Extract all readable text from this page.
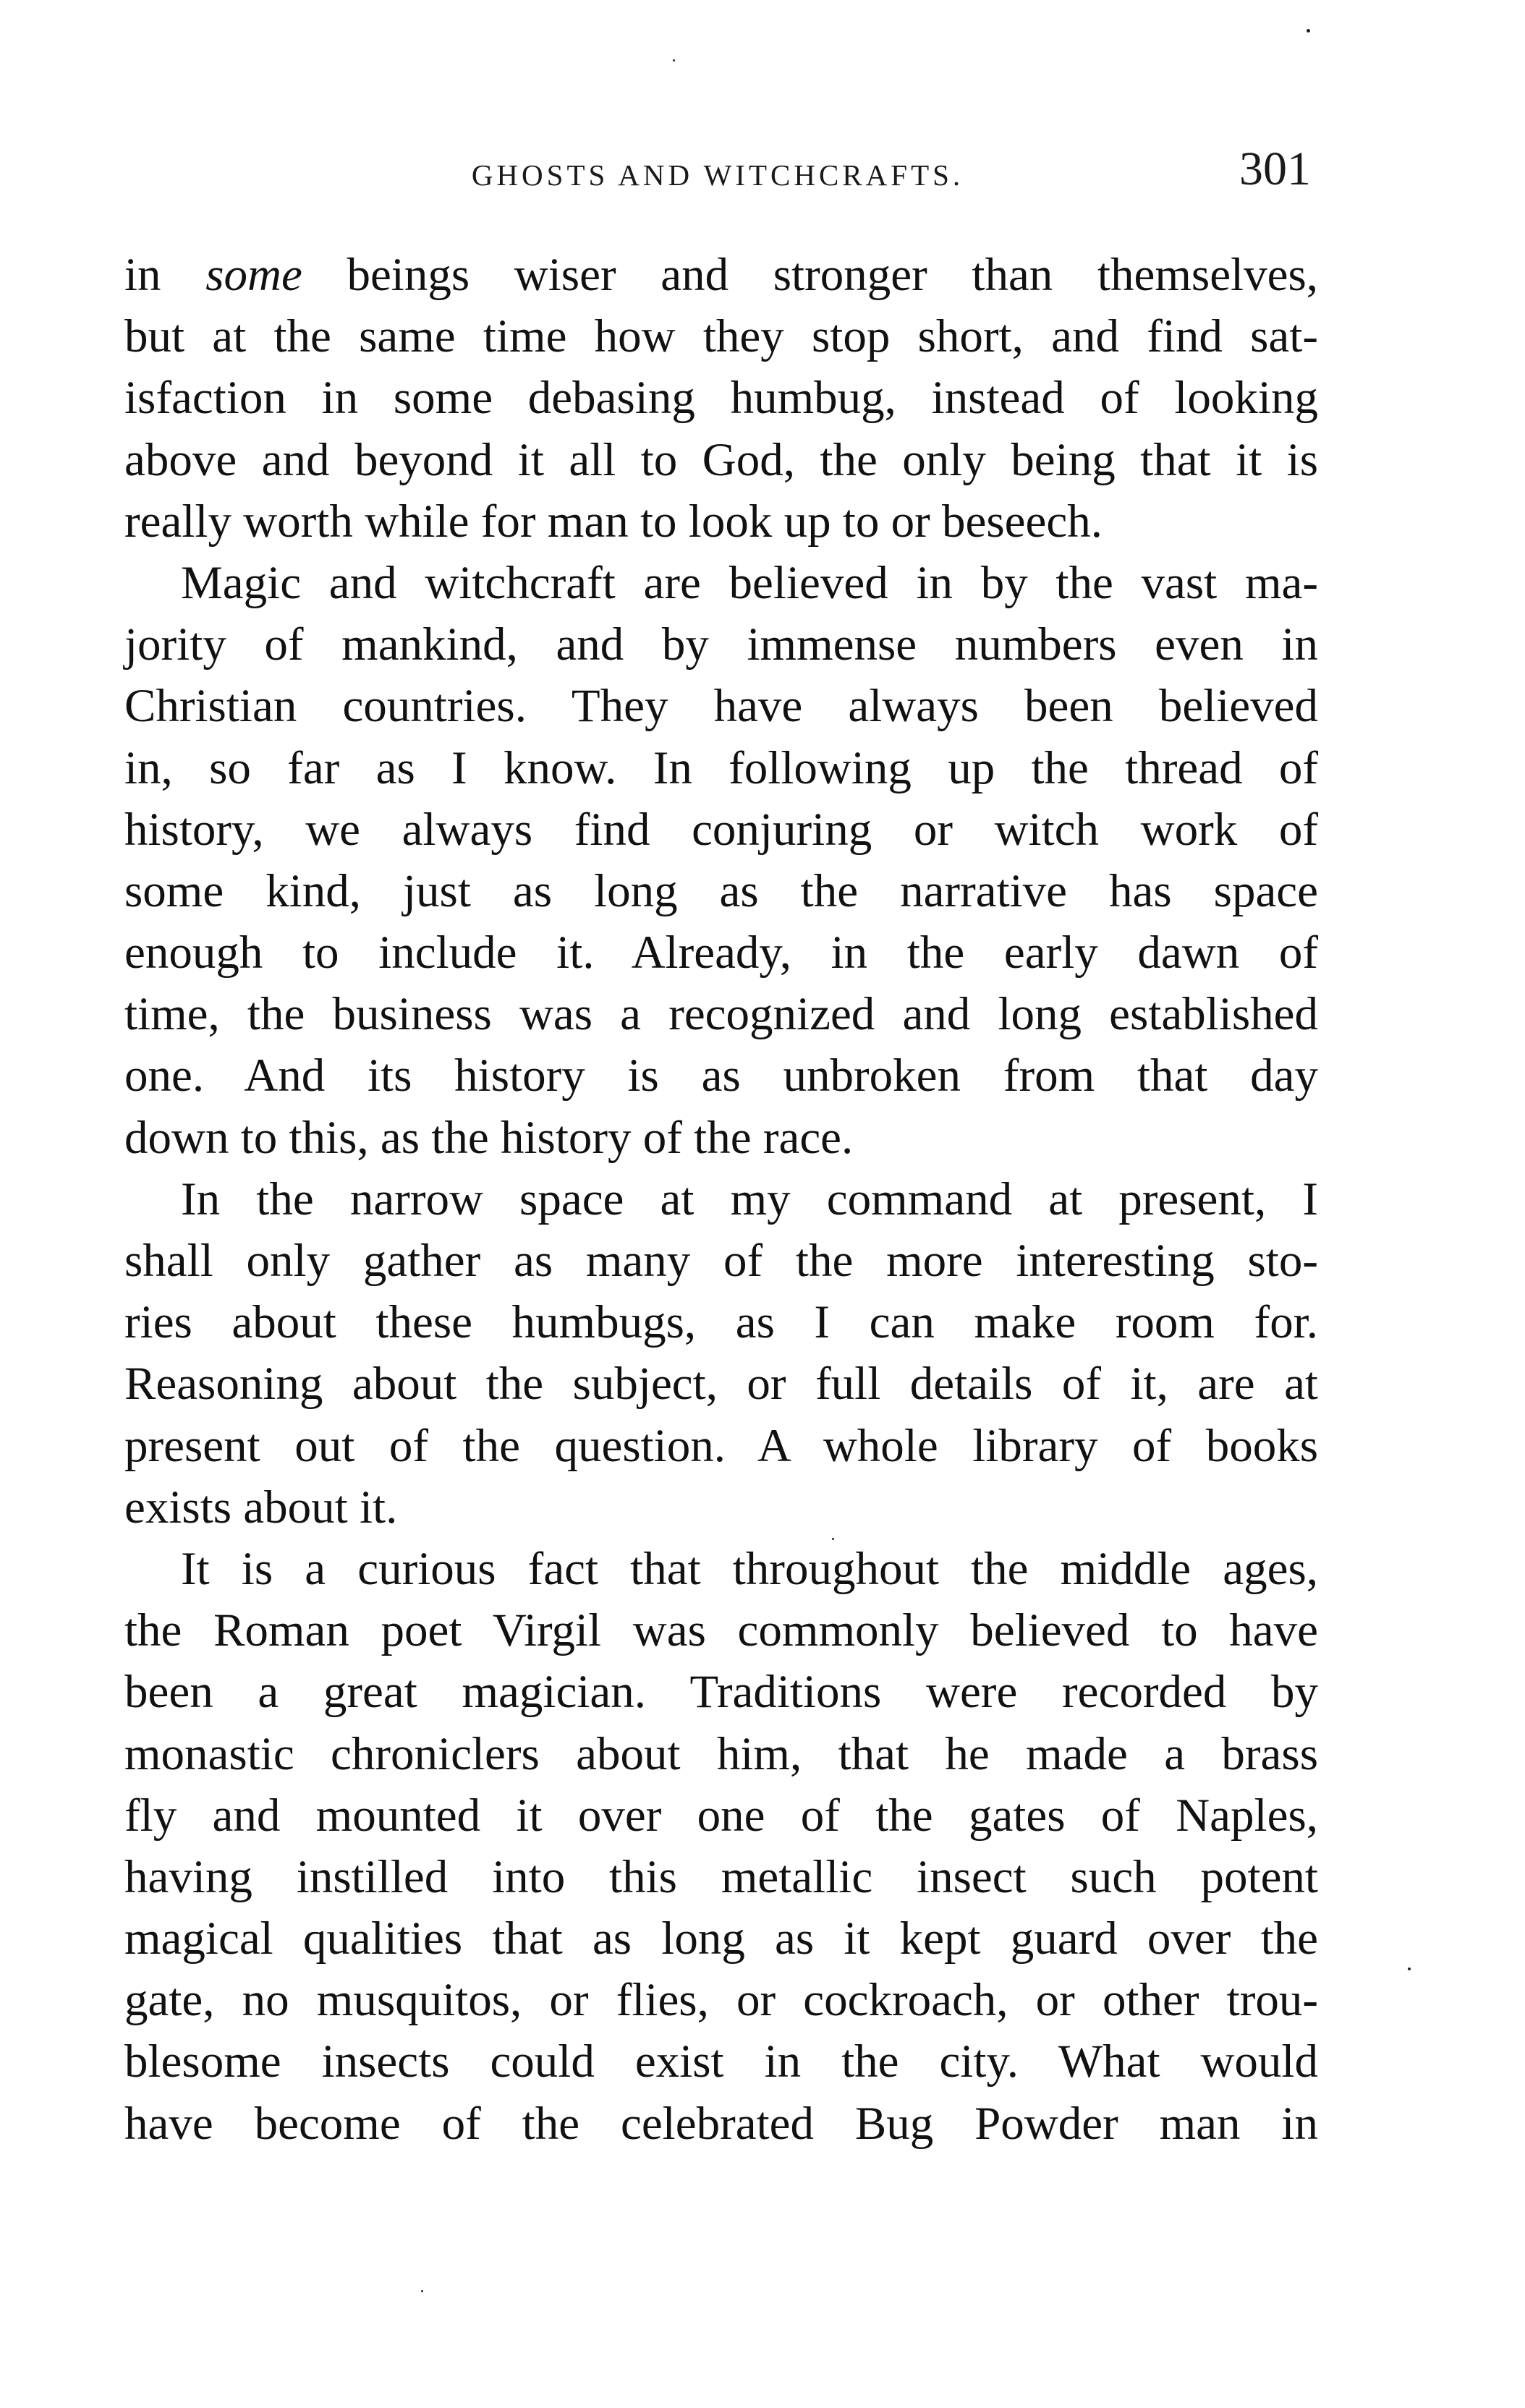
GHOSTS AND WITCHCRAFTS.	301

in some beings wiser and stronger than themselves,
but at the same time how they stop short, and find sat-
isfaction in some debasing humbug, instead of looking
above and beyond it all to God, the only being that it is
really worth while for man to look up to or beseech.

Magic and witchcraft are believed in by the vast ma-
jority of mankind, and by immense numbers even in
Christian countries. They have always been believed
in, so far as I know. In following up the thread of
history, we always find conjuring or witch work of
some kind, just as long as the narrative has space
enough to include it. Already, in the early dawn of
time, the business was a recognized and long established
one. And its history is as unbroken from that day
down to this, as the history of the race.

In the narrow space at my command at present, I
shall only gather as many of the more interesting sto-
ries about these humbugs, as I can make room for.
Reasoning about the subject, or full details of it, are at
present out of the question. A whole library of books
exists about it.

It is a curious fact that throughout the middle ages,
the Roman poet Virgil was commonly believed to have
been a great magician. Traditions were recorded by
monastic chroniclers about him, that he made a brass
fly and mounted it over one of the gates of Naples,
having instilled into this metallic insect such potent
magical qualities that as long as it kept guard over the
gate, no musquitos, or flies, or cockroach, or other trou-
blesome insects could exist in the city. What would
have become of the celebrated Bug Powder man in
